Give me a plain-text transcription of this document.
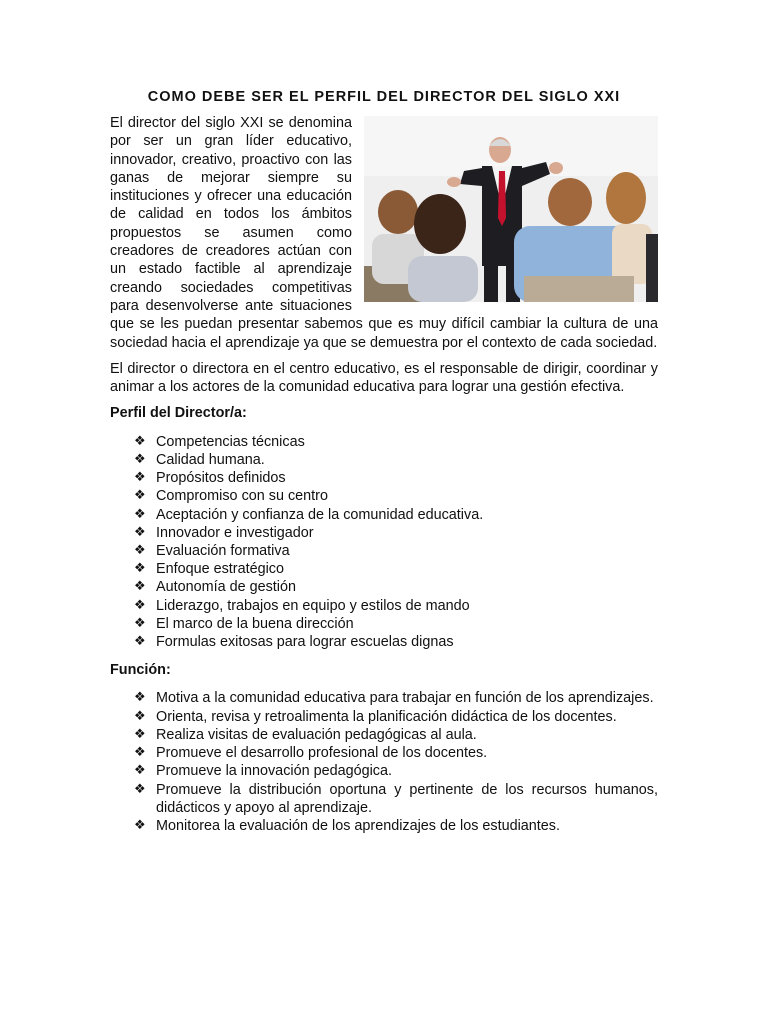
COMO DEBE SER EL PERFIL DEL DIRECTOR DEL SIGLO XXI

El director del siglo XXI se denomina por ser un gran líder educativo, innovador, creativo, proactivo con las ganas de mejorar siempre su instituciones y ofrecer una educación de calidad en todos los ámbitos propuestos se asumen como creadores de creadores actúan con un estado factible al aprendizaje creando sociedades competitivas para desenvolverse ante situaciones que se les puedan presentar sabemos que es muy difícil cambiar la cultura de una sociedad hacia el aprendizaje ya que se demuestra por el contexto de cada sociedad.

El director o directora en el centro educativo, es el responsable de dirigir, coordinar y animar a los actores de la comunidad educativa para lograr una gestión efectiva.

Perfil del Director/a:
❖ Competencias técnicas
❖ Calidad humana.
❖ Propósitos definidos
❖ Compromiso con su centro
❖ Aceptación y confianza de la comunidad educativa.
❖ Innovador e investigador
❖ Evaluación formativa
❖ Enfoque estratégico
❖ Autonomía de gestión
❖ Liderazgo, trabajos en equipo y estilos de mando
❖ El marco de la buena dirección
❖ Formulas exitosas para lograr escuelas dignas
Función:
❖ Motiva a la comunidad educativa para trabajar en función de los aprendizajes.
❖ Orienta, revisa y retroalimenta la planificación didáctica de los docentes.
❖ Realiza visitas de evaluación pedagógicas al aula.
❖ Promueve el desarrollo profesional de los docentes.
❖ Promueve la innovación pedagógica.
❖ Promueve la distribución oportuna y pertinente de los recursos humanos, didácticos y apoyo al aprendizaje.
❖ Monitorea la evaluación de los aprendizajes de los estudiantes.
